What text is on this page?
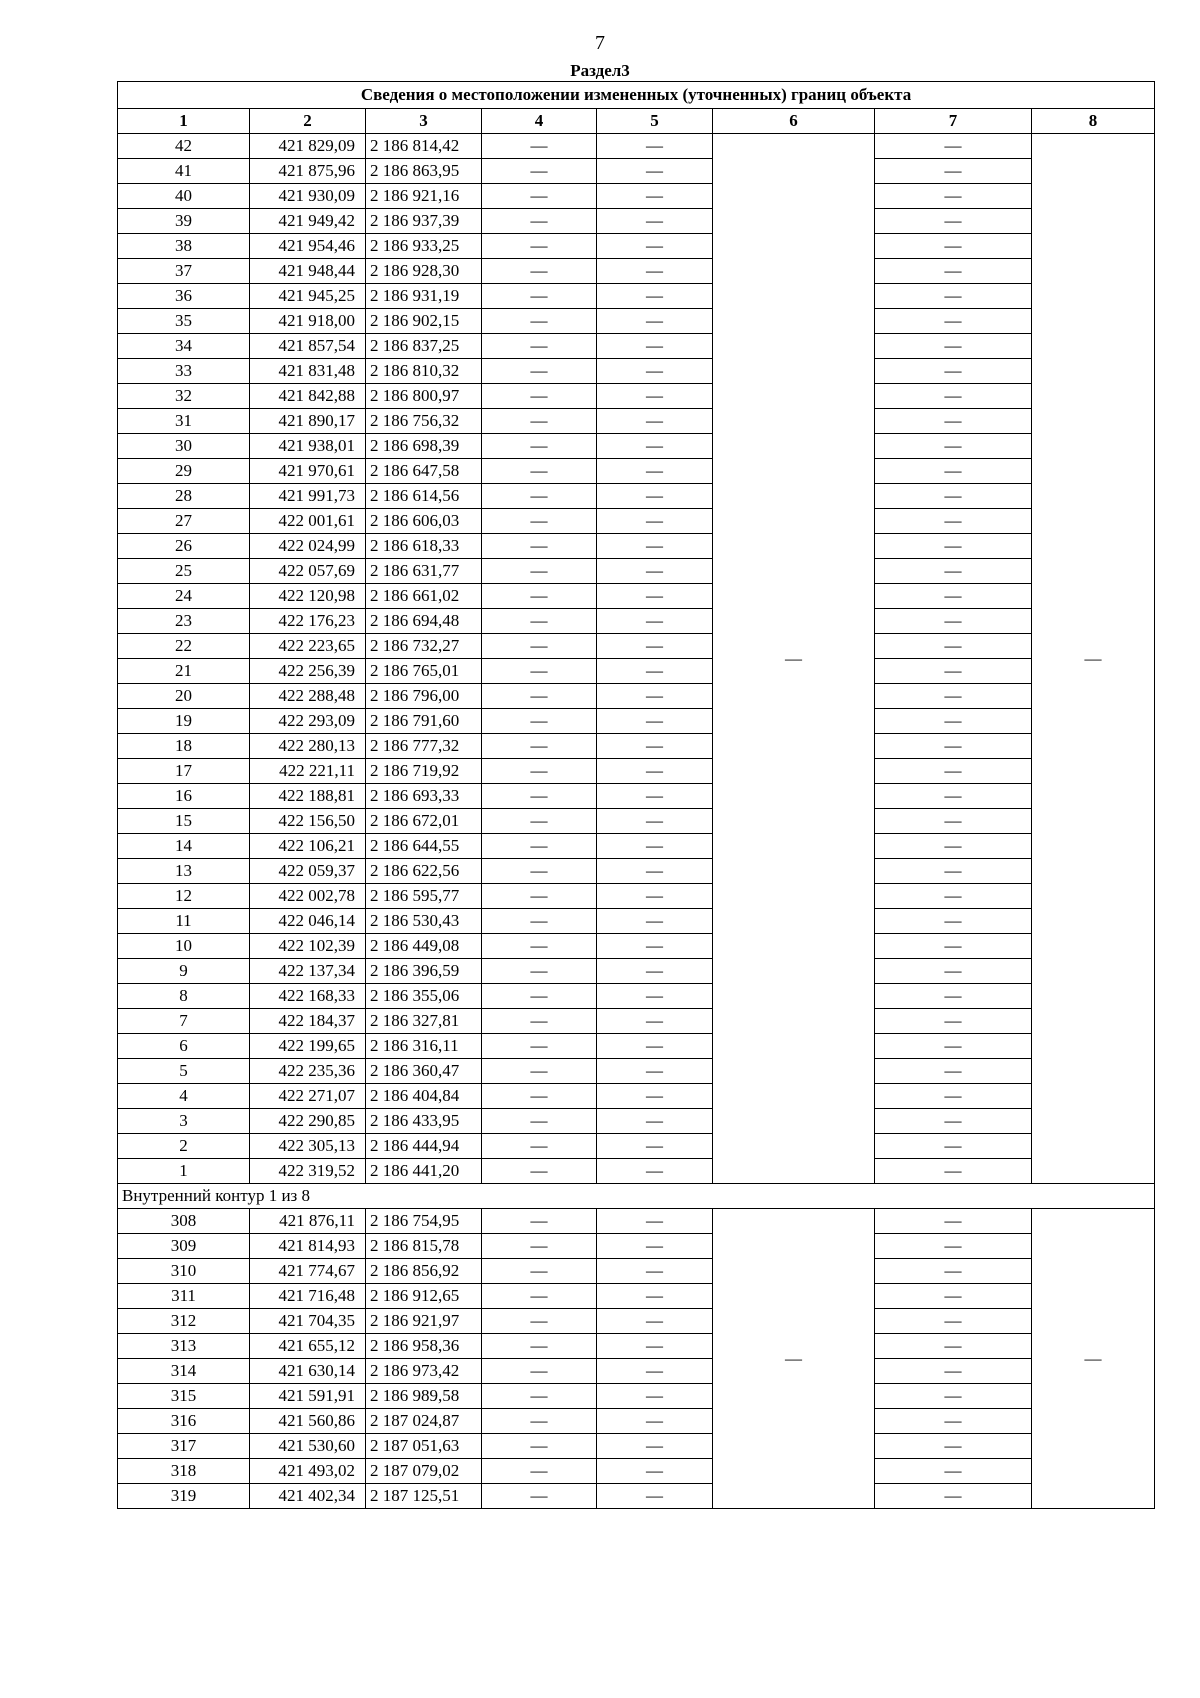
7
Раздел3
Сведения о местоположении измененных (уточненных) границ объекта							
1	2	3	4	5	6	7	8
42	421 829,09	2 186 814,42	—	—	—	—	—
41	421 875,96	2 186 863,95	—	—		—	
40	421 930,09	2 186 921,16	—	—		—	
39	421 949,42	2 186 937,39	—	—		—	
38	421 954,46	2 186 933,25	—	—		—	
37	421 948,44	2 186 928,30	—	—		—	
36	421 945,25	2 186 931,19	—	—		—	
35	421 918,00	2 186 902,15	—	—		—	
34	421 857,54	2 186 837,25	—	—		—	
33	421 831,48	2 186 810,32	—	—		—	
32	421 842,88	2 186 800,97	—	—		—	
31	421 890,17	2 186 756,32	—	—		—	
30	421 938,01	2 186 698,39	—	—		—	
29	421 970,61	2 186 647,58	—	—		—	
28	421 991,73	2 186 614,56	—	—		—	
27	422 001,61	2 186 606,03	—	—		—	
26	422 024,99	2 186 618,33	—	—		—	
25	422 057,69	2 186 631,77	—	—		—	
24	422 120,98	2 186 661,02	—	—		—	
23	422 176,23	2 186 694,48	—	—		—	
22	422 223,65	2 186 732,27	—	—		—	
21	422 256,39	2 186 765,01	—	—		—	
20	422 288,48	2 186 796,00	—	—		—	
19	422 293,09	2 186 791,60	—	—		—	
18	422 280,13	2 186 777,32	—	—		—	
17	422 221,11	2 186 719,92	—	—		—	
16	422 188,81	2 186 693,33	—	—		—	
15	422 156,50	2 186 672,01	—	—		—	
14	422 106,21	2 186 644,55	—	—		—	
13	422 059,37	2 186 622,56	—	—		—	
12	422 002,78	2 186 595,77	—	—		—	
11	422 046,14	2 186 530,43	—	—		—	
10	422 102,39	2 186 449,08	—	—		—	
9	422 137,34	2 186 396,59	—	—		—	
8	422 168,33	2 186 355,06	—	—		—	
7	422 184,37	2 186 327,81	—	—		—	
6	422 199,65	2 186 316,11	—	—		—	
5	422 235,36	2 186 360,47	—	—		—	
4	422 271,07	2 186 404,84	—	—		—	
3	422 290,85	2 186 433,95	—	—		—	
2	422 305,13	2 186 444,94	—	—		—	
1	422 319,52	2 186 441,20	—	—		—	
Внутренний контур 1 из 8							
308	421 876,11	2 186 754,95	—	—	—	—	—
309	421 814,93	2 186 815,78	—	—		—	
310	421 774,67	2 186 856,92	—	—		—	
311	421 716,48	2 186 912,65	—	—		—	
312	421 704,35	2 186 921,97	—	—		—	
313	421 655,12	2 186 958,36	—	—		—	
314	421 630,14	2 186 973,42	—	—		—	
315	421 591,91	2 186 989,58	—	—		—	
316	421 560,86	2 187 024,87	—	—		—	
317	421 530,60	2 187 051,63	—	—		—	
318	421 493,02	2 187 079,02	—	—		—	
319	421 402,34	2 187 125,51	—	—		—	
